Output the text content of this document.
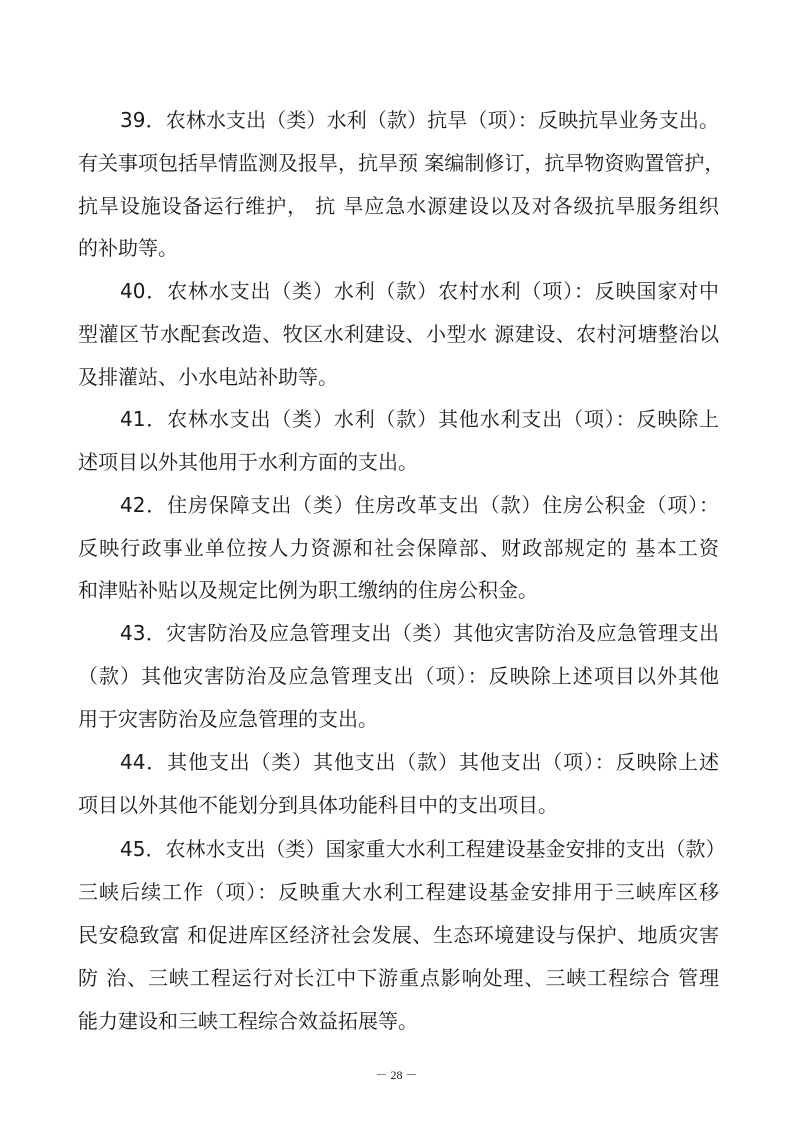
39．农林水支出（类）水利（款）抗旱（项）：反映抗旱业务支出。
有关事项包括旱情监测及报旱，抗旱预 案编制修订，抗旱物资购置管护，
抗旱设施设备运行维护， 抗 旱应急水源建设以及对各级抗旱服务组织
的补助等。
40．农林水支出（类）水利（款）农村水利（项）：反映国家对中
型灌区节水配套改造、牧区水利建设、小型水 源建设、农村河塘整治以
及排灌站、小水电站补助等。
41．农林水支出（类）水利（款）其他水利支出（项）：反映除上
述项目以外其他用于水利方面的支出。
42．住房保障支出（类）住房改革支出（款）住房公积金（项）：
反映行政事业单位按人力资源和社会保障部、财政部规定的 基本工资
和津贴补贴以及规定比例为职工缴纳的住房公积金。
43．灾害防治及应急管理支出（类）其他灾害防治及应急管理支出
（款）其他灾害防治及应急管理支出（项）：反映除上述项目以外其他
用于灾害防治及应急管理的支出。
44．其他支出（类）其他支出（款）其他支出（项）：反映除上述
项目以外其他不能划分到具体功能科目中的支出项目。
45．农林水支出（类）国家重大水利工程建设基金安排的支出（款）
三峡后续工作（项）：反映重大水利工程建设基金安排用于三峡库区移
民安稳致富 和促进库区经济社会发展、生态环境建设与保护、地质灾害
防 治、三峡工程运行对长江中下游重点影响处理、三峡工程综合 管理
能力建设和三峡工程综合效益拓展等。
－ 28 －
